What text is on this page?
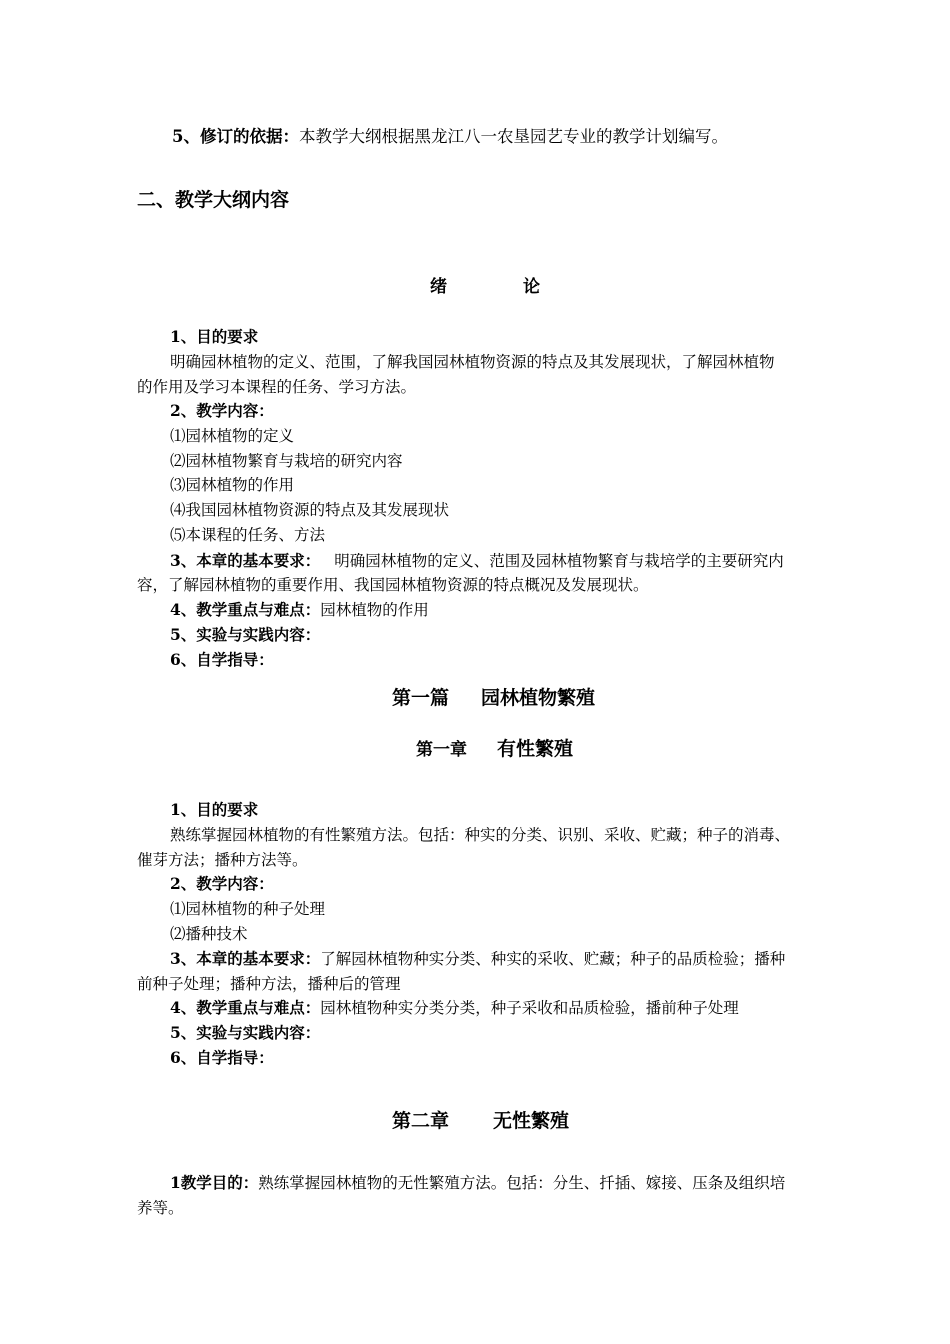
5、修订的依据：本教学大纲根据黑龙江八一农垦园艺专业的教学计划编写。
二、教学大纲内容
绪	论
1、目的要求
明确园林植物的定义、范围，了解我国园林植物资源的特点及其发展现状，了解园林植物
的作用及学习本课程的任务、学习方法。
2、教学内容：
⑴园林植物的定义
⑵园林植物繁育与栽培的研究内容
⑶园林植物的作用
⑷我国园林植物资源的特点及其发展现状
⑸本课程的任务、方法
3、本章的基本要求： 明确园林植物的定义、范围及园林植物繁育与栽培学的主要研究内
容，了解园林植物的重要作用、我国园林植物资源的特点概况及发展现状。
4、教学重点与难点：园林植物的作用
5、实验与实践内容：
6、自学指导：
第一篇 园林植物繁殖
第一章 有性繁殖
1、目的要求
熟练掌握园林植物的有性繁殖方法。包括：种实的分类、识别、采收、贮藏；种子的消毒、
催芽方法；播种方法等。
2、教学内容：
⑴园林植物的种子处理
⑵播种技术
3、本章的基本要求：了解园林植物种实分类、种实的采收、贮藏；种子的品质检验；播种
前种子处理；播种方法，播种后的管理
4、教学重点与难点：园林植物种实分类分类，种子采收和品质检验，播前种子处理
5、实验与实践内容：
6、自学指导：
第二章 无性繁殖
1教学目的：熟练掌握园林植物的无性繁殖方法。包括：分生、扦插、嫁接、压条及组织培
养等。
